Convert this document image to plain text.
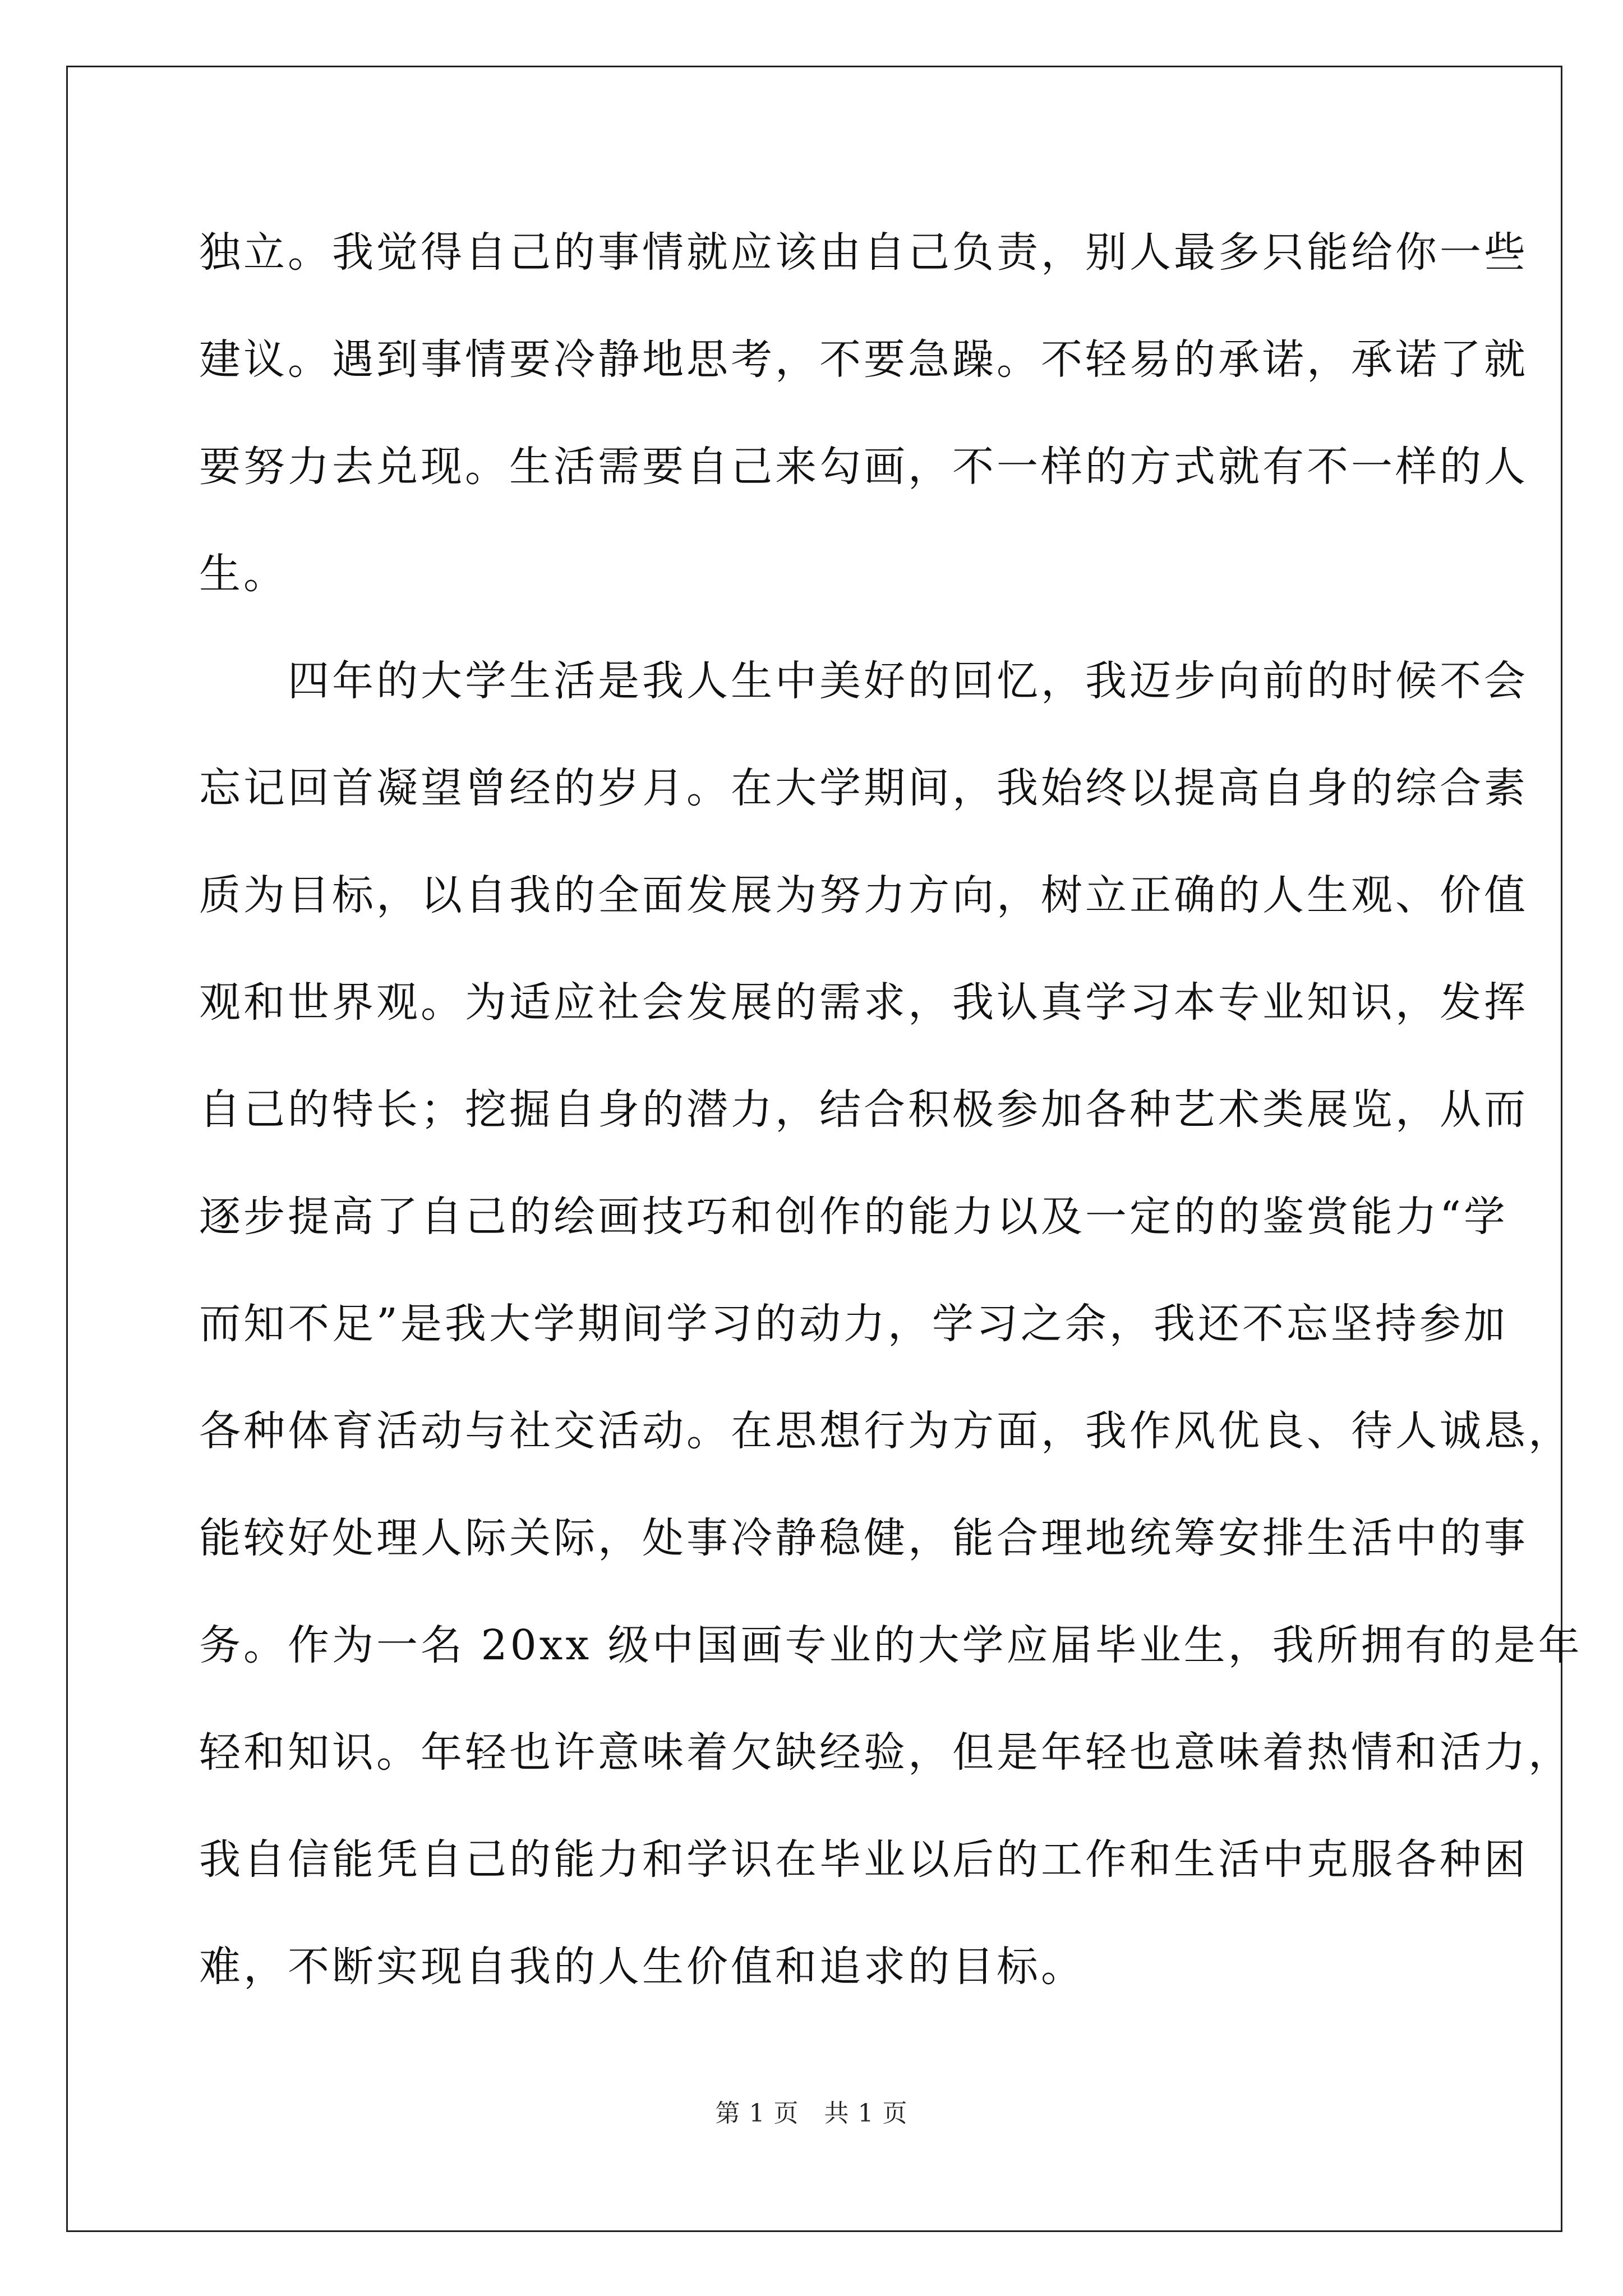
独立。我觉得自己的事情就应该由自己负责，别人最多只能给你一些
建议。遇到事情要冷静地思考，不要急躁。不轻易的承诺，承诺了就
要努力去兑现。生活需要自己来勾画，不一样的方式就有不一样的人
生。
　　四年的大学生活是我人生中美好的回忆，我迈步向前的时候不会
忘记回首凝望曾经的岁月。在大学期间，我始终以提高自身的综合素
质为目标，以自我的全面发展为努力方向，树立正确的人生观、价值
观和世界观。为适应社会发展的需求，我认真学习本专业知识，发挥
自己的特长；挖掘自身的潜力，结合积极参加各种艺术类展览，从而
逐步提高了自己的绘画技巧和创作的能力以及一定的的鉴赏能力“学
而知不足”是我大学期间学习的动力，学习之余，我还不忘坚持参加
各种体育活动与社交活动。在思想行为方面，我作风优良、待人诚恳，
能较好处理人际关际，处事冷静稳健，能合理地统筹安排生活中的事
务。作为一名 20xx 级中国画专业的大学应届毕业生，我所拥有的是年
轻和知识。年轻也许意味着欠缺经验，但是年轻也意味着热情和活力，
我自信能凭自己的能力和学识在毕业以后的工作和生活中克服各种困
难，不断实现自我的人生价值和追求的目标。
第 1 页　共 1 页
